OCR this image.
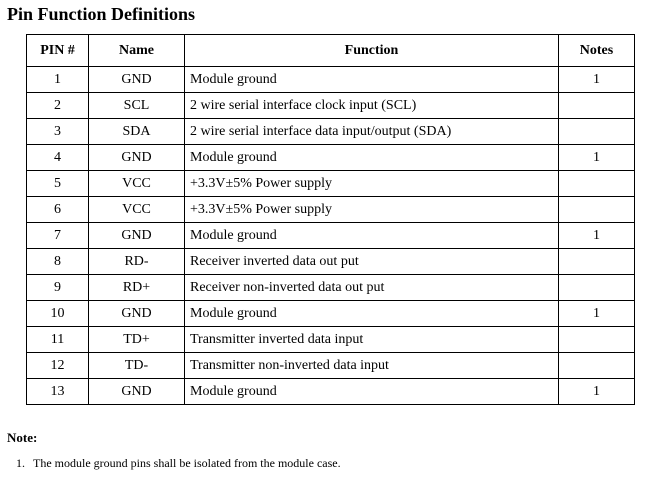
Pin Function Definitions
PIN #	Name	Function	Notes
1	GND	Module ground	1
2	SCL	2 wire serial interface clock input (SCL)	
3	SDA	2 wire serial interface data input/output (SDA)	
4	GND	Module ground	1
5	VCC	+3.3V±5% Power supply	
6	VCC	+3.3V±5% Power supply	
7	GND	Module ground	1
8	RD-	Receiver inverted data out put	
9	RD+	Receiver non-inverted data out put	
10	GND	Module ground	1
11	TD+	Transmitter inverted data input	
12	TD-	Transmitter non-inverted data input	
13	GND	Module ground	1
Note:
1. The module ground pins shall be isolated from the module case.
